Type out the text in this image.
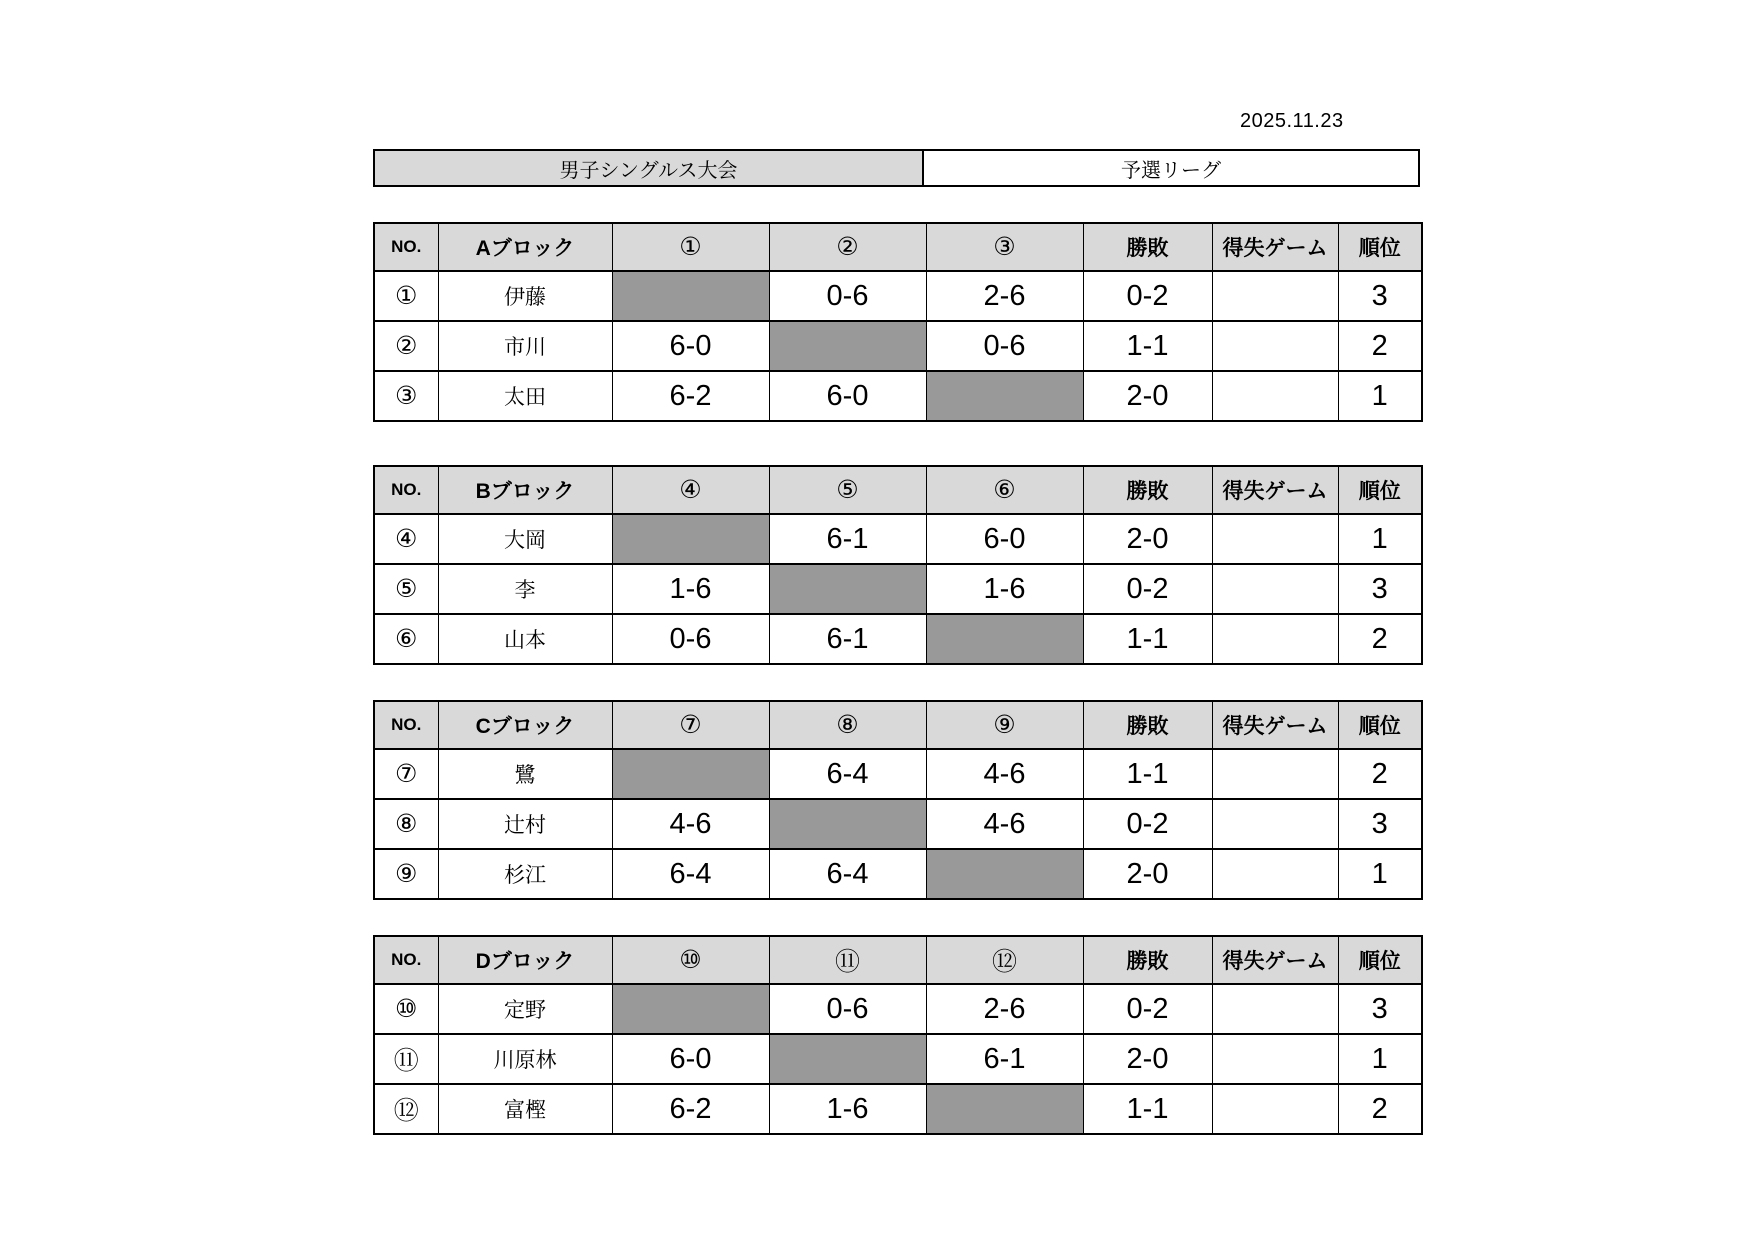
2025.11.23
男子シングルス大会	予選リーグ
NO.	Aブロック	①	②	③	勝敗	得失ゲーム	順位
①	伊藤		0-6	2-6	0-2		3
②	市川	6-0		0-6	1-1		2
③	太田	6-2	6-0		2-0		1
NO.	Bブロック	④	⑤	⑥	勝敗	得失ゲーム	順位
④	大岡		6-1	6-0	2-0		1
⑤	李	1-6		1-6	0-2		3
⑥	山本	0-6	6-1		1-1		2
NO.	Cブロック	⑦	⑧	⑨	勝敗	得失ゲーム	順位
⑦	鷺		6-4	4-6	1-1		2
⑧	辻村	4-6		4-6	0-2		3
⑨	杉江	6-4	6-4		2-0		1
NO.	Dブロック	⑩	⑪	⑫	勝敗	得失ゲーム	順位
⑩	定野		0-6	2-6	0-2		3
⑪	川原林	6-0		6-1	2-0		1
⑫	富樫	6-2	1-6		1-1		2
